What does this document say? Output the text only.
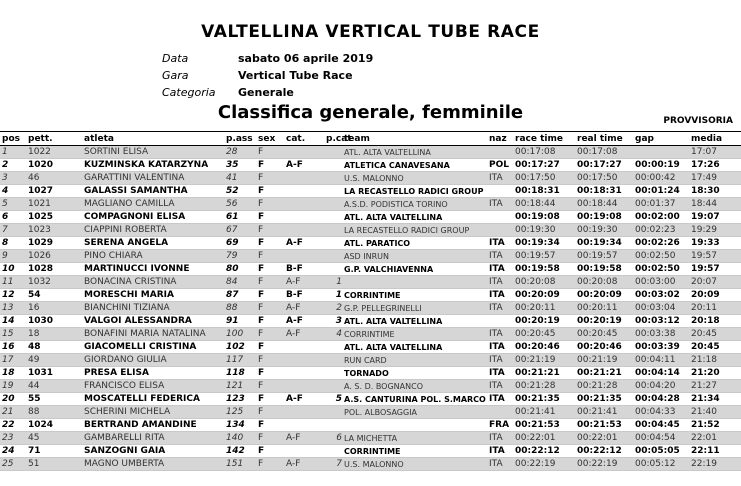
VALTELLINA VERTICAL TUBE RACE
Data	sabato 06 aprile 2019
Gara	Vertical Tube Race
Categoria	Generale
Classifica generale, femminile	PROVVISORIA
pos	pett.	atleta	p.ass	sex	cat.	p.cat	team	naz	race time	real time	gap	media
1	1022	SORTINI ELISA	28	F			ATL. ALTA VALTELLINA		00:17:08	00:17:08		17:07
2	1020	KUZMINSKA KATARZYNA	35	F	A-F		ATLETICA CANAVESANA	POL	00:17:27	00:17:27	00:00:19	17:26
3	46	GARATTINI VALENTINA	41	F			U.S. MALONNO	ITA	00:17:50	00:17:50	00:00:42	17:49
4	1027	GALASSI SAMANTHA	52	F			LA RECASTELLO RADICI GROUP		00:18:31	00:18:31	00:01:24	18:30
5	1021	MAGLIANO CAMILLA	56	F			A.S.D. PODISTICA TORINO	ITA	00:18:44	00:18:44	00:01:37	18:44
6	1025	COMPAGNONI ELISA	61	F			ATL. ALTA VALTELLINA		00:19:08	00:19:08	00:02:00	19:07
7	1023	CIAPPINI ROBERTA	67	F			LA RECASTELLO RADICI GROUP		00:19:30	00:19:30	00:02:23	19:29
8	1029	SERENA ANGELA	69	F	A-F		ATL. PARATICO	ITA	00:19:34	00:19:34	00:02:26	19:33
9	1026	PINO CHIARA	79	F			ASD INRUN	ITA	00:19:57	00:19:57	00:02:50	19:57
10	1028	MARTINUCCI IVONNE	80	F	B-F		G.P. VALCHIAVENNA	ITA	00:19:58	00:19:58	00:02:50	19:57
11	1032	BONACINA CRISTINA	84	F	A-F	1		ITA	00:20:08	00:20:08	00:03:00	20:07
12	54	MORESCHI MARIA	87	F	B-F	1	CORRINTIME	ITA	00:20:09	00:20:09	00:03:02	20:09
13	16	BIANCHINI TIZIANA	88	F	A-F	2	G.P. PELLEGRINELLI	ITA	00:20:11	00:20:11	00:03:04	20:11
14	1030	VALGOI ALESSANDRA	91	F	A-F	3	ATL. ALTA VALTELLINA		00:20:19	00:20:19	00:03:12	20:18
15	18	BONAFINI MARIA NATALINA	100	F	A-F	4	CORRINTIME	ITA	00:20:45	00:20:45	00:03:38	20:45
16	48	GIACOMELLI CRISTINA	102	F			ATL. ALTA VALTELLINA	ITA	00:20:46	00:20:46	00:03:39	20:45
17	49	GIORDANO GIULIA	117	F			RUN CARD	ITA	00:21:19	00:21:19	00:04:11	21:18
18	1031	PRESA ELISA	118	F			TORNADO	ITA	00:21:21	00:21:21	00:04:14	21:20
19	44	FRANCISCO ELISA	121	F			A. S. D. BOGNANCO	ITA	00:21:28	00:21:28	00:04:20	21:27
20	55	MOSCATELLI FEDERICA	123	F	A-F	5	A.S. CANTURINA POL. S.MARCO	ITA	00:21:35	00:21:35	00:04:28	21:34
21	88	SCHERINI MICHELA	125	F			POL. ALBOSAGGIA		00:21:41	00:21:41	00:04:33	21:40
22	1024	BERTRAND AMANDINE	134	F				FRA	00:21:53	00:21:53	00:04:45	21:52
23	45	GAMBARELLI RITA	140	F	A-F	6	LA MICHETTA	ITA	00:22:01	00:22:01	00:04:54	22:01
24	71	SANZOGNI GAIA	142	F			CORRINTIME	ITA	00:22:12	00:22:12	00:05:05	22:11
25	51	MAGNO UMBERTA	151	F	A-F	7	U.S. MALONNO	ITA	00:22:19	00:22:19	00:05:12	22:19
